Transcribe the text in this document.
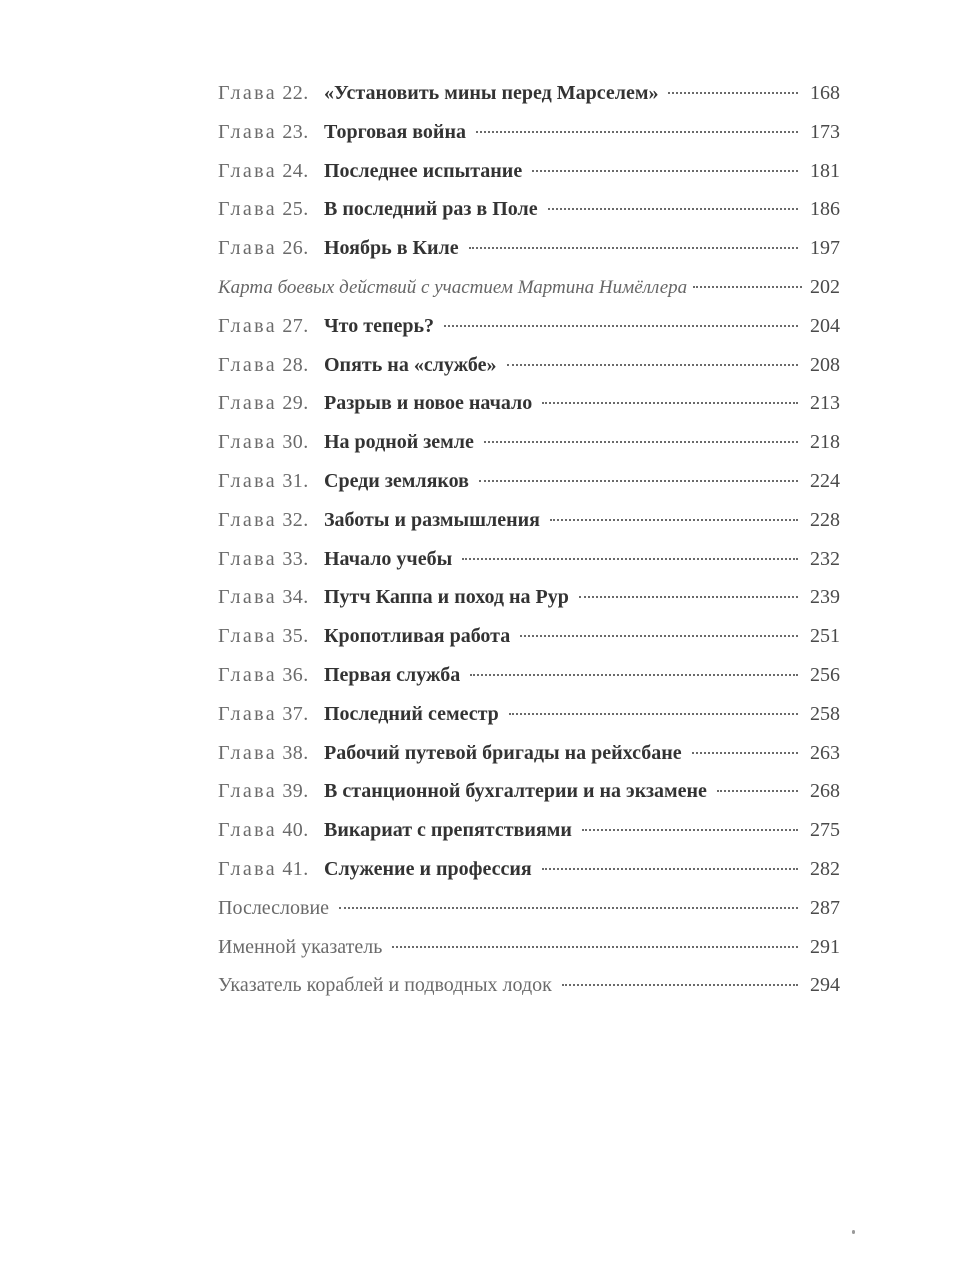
Глава 22. «Установить мины перед Марселем»	168
Глава 23. Торговая война	173
Глава 24. Последнее испытание	181
Глава 25. В последний раз в Поле	186
Глава 26. Ноябрь в Киле	197
Карта боевых действий с участием Мартина Нимёллера	202
Глава 27. Что теперь?	204
Глава 28. Опять на «службе»	208
Глава 29. Разрыв и новое начало	213
Глава 30. На родной земле	218
Глава 31. Среди земляков	224
Глава 32. Заботы и размышления	228
Глава 33. Начало учебы	232
Глава 34. Путч Каппа и поход на Рур	239
Глава 35. Кропотливая работа	251
Глава 36. Первая служба	256
Глава 37. Последний семестр	258
Глава 38. Рабочий путевой бригады на рейхсбане	263
Глава 39. В станционной бухгалтерии и на экзамене	268
Глава 40. Викариат с препятствиями	275
Глава 41. Служение и профессия	282
Послесловие	287
Именной указатель	291
Указатель кораблей и подводных лодок	294
